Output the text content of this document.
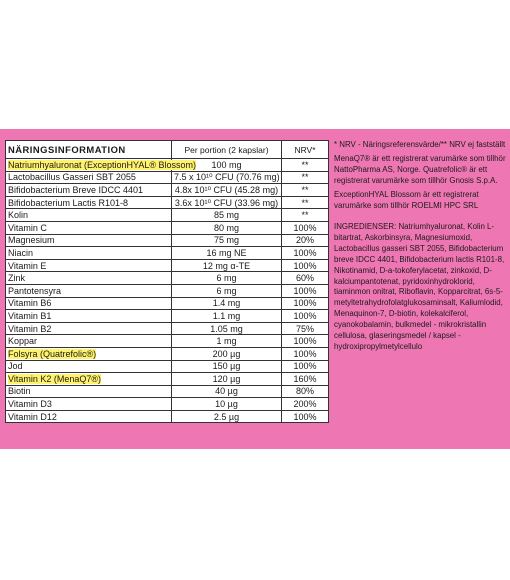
NÄRINGSINFORMATION	Per portion (2 kapslar)	NRV*
Natriumhyaluronat (ExceptionHYAL® Blossom)	100 mg	**
Lactobacillus Gasseri SBT 2055	7.5 x 10¹⁰ CFU (70.76 mg)	**
Bifidobacterium Breve IDCC 4401	4.8x 10¹⁰ CFU (45.28 mg)	**
Bifidobacterium Lactis R101-8	3.6x 10¹⁰ CFU (33.96 mg)	**
Kolin	85 mg	**
Vitamin C	80 mg	100%
Magnesium	75 mg	20%
Niacin	16 mg NE	100%
Vitamin E	12 mg α-TE	100%
Zink	6 mg	60%
Pantotensyra	6 mg	100%
Vitamin B6	1.4 mg	100%
Vitamin B1	1.1 mg	100%
Vitamin B2	1.05 mg	75%
Koppar	1 mg	100%
Folsyra (Quatrefolic®)	200 µg	100%
Jod	150 µg	100%
Vitamin K2 (MenaQ7®)	120 µg	160%
Biotin	40 µg	80%
Vitamin D3	10 µg	200%
Vitamin D12	2.5 µg	100%

* NRV - Näringsreferensvärde/** NRV ej fastställt

MenaQ7® är ett registrerat varumärke som tillhör NattoPharma AS, Norge. Quatrefolic® är ett registrerat varumärke som tillhör Gnosis S.p.A.

ExceptionHYAL Blossom är ett registrerat varumärke som tillhör ROELMI HPC SRL

INGREDIENSER: Natriumhyaluronat, Kolin L-bitartrat, Askorbinsyra, Magnesiumoxid, Lactobacillus gasseri SBT 2055, Bifidobacterium breve IDCC 4401, Bifidobacterium lactis R101-8, Nikotinamid, D-a-tokoferylacetat, zinkoxid, D-kalciumpantotenat, pyridoxinhydroklorid, tiaminmon onitrat, Riboflavin, Kopparcitrat, 6s-5-metyltetrahydrofolatglukosaminsalt, Kaliumlodid, Menaquinon-7, D-biotin, kolekalciferol, cyanokobalamin, bulkmedel - mikrokristallin cellulosa, glaseringsmedel / kapsel -hydroxipropylmetylcellulo
